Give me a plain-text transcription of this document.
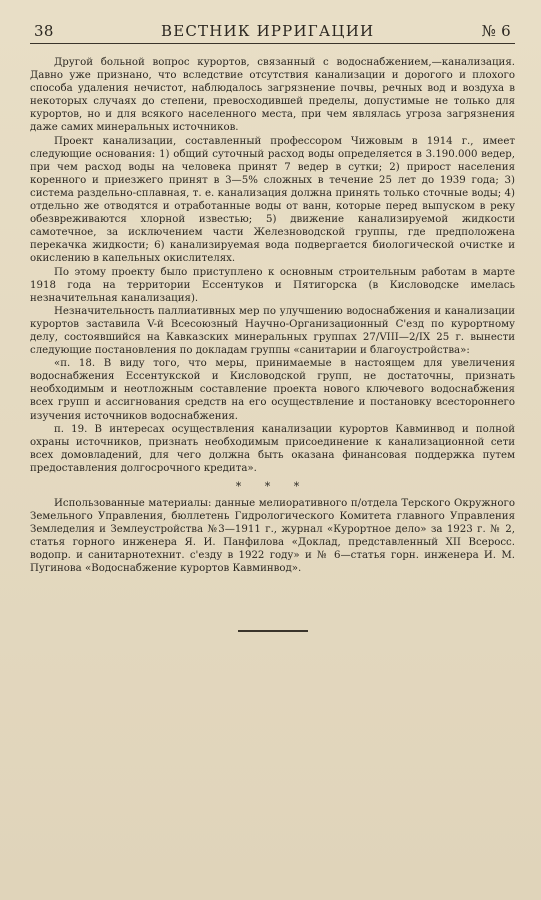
38	ВЕСТНИК ИРРИГАЦИИ	№ 6

Другой больной вопрос курортов, связанный с водоснабжением,—канализация. Давно уже признано, что вследствие отсутствия канализации и дорогого и плохого способа удаления нечистот, наблюдалось загрязнение почвы, речных вод и воздуха в некоторых случаях до степени, превосходившей пределы, допустимые не только для курортов, но и для всякого населенного места, при чем являлась угроза загрязнения даже самих минеральных источников.

Проект канализации, составленный профессором Чижовым в 1914 г., имеет следующие основания: 1) общий суточный расход воды определяется в 3.190.000 ведер, при чем расход воды на человека принят 7 ведер в сутки; 2) прирост населения коренного и приезжего принят в 3—5% сложных в течение 25 лет до 1939 года; 3) система раздельно-сплавная, т. е. канализация должна принять только сточные воды; 4) отдельно же отводятся и отработанные воды от ванн, которые перед выпуском в реку обезвреживаются хлорной известью; 5) движение канализируемой жидкости самотечное, за исключением части Железноводской группы, где предположена перекачка жидкости; 6) канализируемая вода подвергается биологической очистке и окислению в капельных окислителях.

По этому проекту было приступлено к основным строительным работам в марте 1918 года на территории Ессентуков и Пятигорска (в Кисловодске имелась незначительная канализация).

Незначительность паллиативных мер по улучшению водоснабжения и канализации курортов заставила V-й Всесоюзный Научно-Организационный С'езд по курортному делу, состоявшийся на Кавказских минеральных группах 27/VIII—2/IX 25 г. вынести следующие постановления по докладам группы «санитарии и благоустройства»:

«п. 18. В виду того, что меры, принимаемые в настоящем для увеличения водоснабжения Ессентукской и Кисловодской групп, не достаточны, признать необходимым и неотложным составление проекта нового ключевого водоснабжения всех групп и ассигнования средств на его осуществление и постановку всестороннего изучения источников водоснабжения.

п. 19. В интересах осуществления канализации курортов Кавминвод и полной охраны источников, признать необходимым присоединение к канализационной сети всех домовладений, для чего должна быть оказана финансовая поддержка путем предоставления долгосрочного кредита».

* * *

Использованные материалы: данные мелиоративного п/отдела Терского Окружного Земельного Управления, бюллетень Гидрологического Комитета главного Управления Земледелия и Землеустройства №3—1911 г., журнал «Курортное дело» за 1923 г. № 2, статья горного инженера Я. И. Панфилова «Доклад, представленный XII Всеросс. водопр. и санитарнотехнит. с'езду в 1922 году» и № 6—статья горн. инженера И. М. Пугинова «Водоснабжение курортов Кавминвод».
